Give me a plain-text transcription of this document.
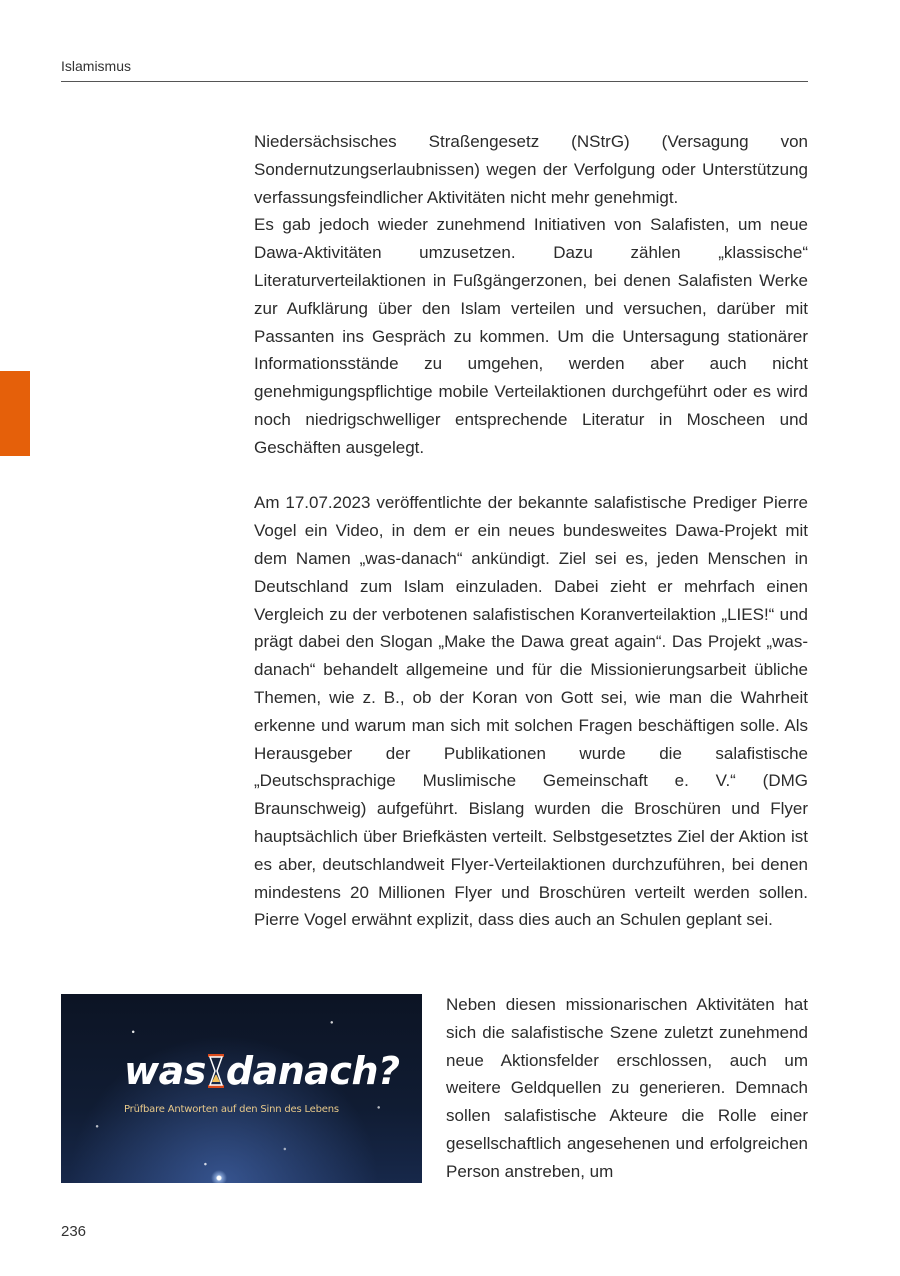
Islamismus

Niedersächsisches Straßengesetz (NStrG) (Versagung von Sondernutzungserlaubnissen) wegen der Verfolgung oder Unterstützung verfassungsfeindlicher Aktivitäten nicht mehr genehmigt.

Es gab jedoch wieder zunehmend Initiativen von Salafisten, um neue Dawa-Aktivitäten umzusetzen. Dazu zählen „klassische“ Literaturverteilaktionen in Fußgängerzonen, bei denen Salafisten Werke zur Aufklärung über den Islam verteilen und versuchen, darüber mit Passanten ins Gespräch zu kommen. Um die Untersagung stationärer Informationsstände zu umgehen, werden aber auch nicht genehmigungspflichtige mobile Verteilaktionen durchgeführt oder es wird noch niedrigschwelliger entsprechende Literatur in Moscheen und Geschäften ausgelegt.

Am 17.07.2023 veröffentlichte der bekannte salafistische Prediger Pierre Vogel ein Video, in dem er ein neues bundesweites Dawa-Projekt mit dem Namen „was-danach“ ankündigt. Ziel sei es, jeden Menschen in Deutschland zum Islam einzuladen. Dabei zieht er mehrfach einen Vergleich zu der verbotenen salafistischen Koranverteilaktion „LIES!“ und prägt dabei den Slogan „Make the Dawa great again“. Das Projekt „was-danach“ behandelt allgemeine und für die Missionierungsarbeit übliche Themen, wie z. B., ob der Koran von Gott sei, wie man die Wahrheit erkenne und warum man sich mit solchen Fragen beschäftigen solle. Als Herausgeber der Publikationen wurde die salafistische „Deutschsprachige Muslimische Gemeinschaft e. V.“ (DMG Braunschweig) aufgeführt. Bislang wurden die Broschüren und Flyer hauptsächlich über Briefkästen verteilt. Selbstgesetztes Ziel der Aktion ist es aber, deutschlandweit Flyer-Verteilaktionen durchzuführen, bei denen mindestens 20 Millionen Flyer und Broschüren verteilt werden sollen. Pierre Vogel erwähnt explizit, dass dies auch an Schulen geplant sei.

was danach?
Prüfbare Antworten auf den Sinn des Lebens

Neben diesen missionarischen Aktivitäten hat sich die salafistische Szene zuletzt zunehmend neue Aktionsfelder erschlossen, auch um weitere Geldquellen zu generieren. Demnach sollen salafistische Akteure die Rolle einer gesellschaftlich angesehenen und erfolgreichen Person anstreben, um

236
